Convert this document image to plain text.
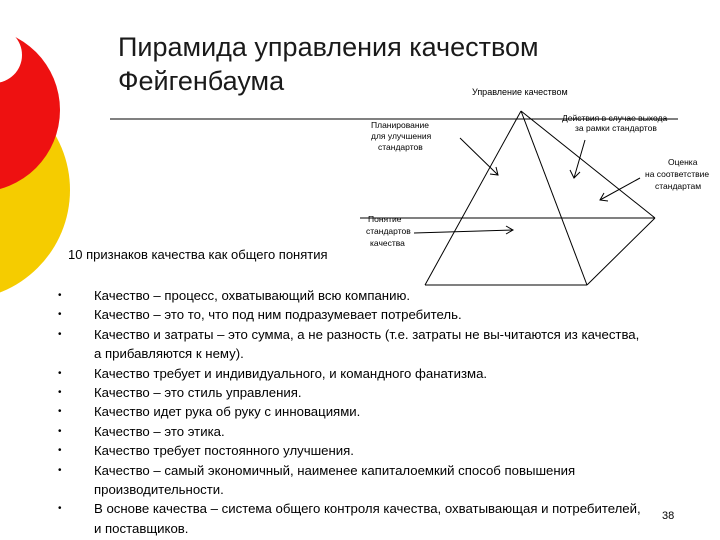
Пирамида управления качеством
Фейгенбаума	Управление качеством
Планирование
для улучшения
стандартов
Действия в случае выхода
за рамки стандартов
Оценка
на соответствие
стандартам
Понятие
стандартов
качества
10 признаков качества как общего понятия
• Качество – процесс, охватывающий всю компанию.
• Качество – это то, что под ним подразумевает потребитель.
• Качество и затраты – это сумма, а не разность (т.е. затраты не вы-читаются из качества, а прибавляются к нему).
• Качество требует и индивидуального, и командного фанатизма.
• Качество – это стиль управления.
• Качество идет рука об руку с инновациями.
• Качество – это этика.
• Качество требует постоянного улучшения.
• Качество – самый экономичный, наименее капиталоемкий способ повышения производительности.
• В основе качества – система общего контроля качества, охватывающая и потребителей, и поставщиков.
38
